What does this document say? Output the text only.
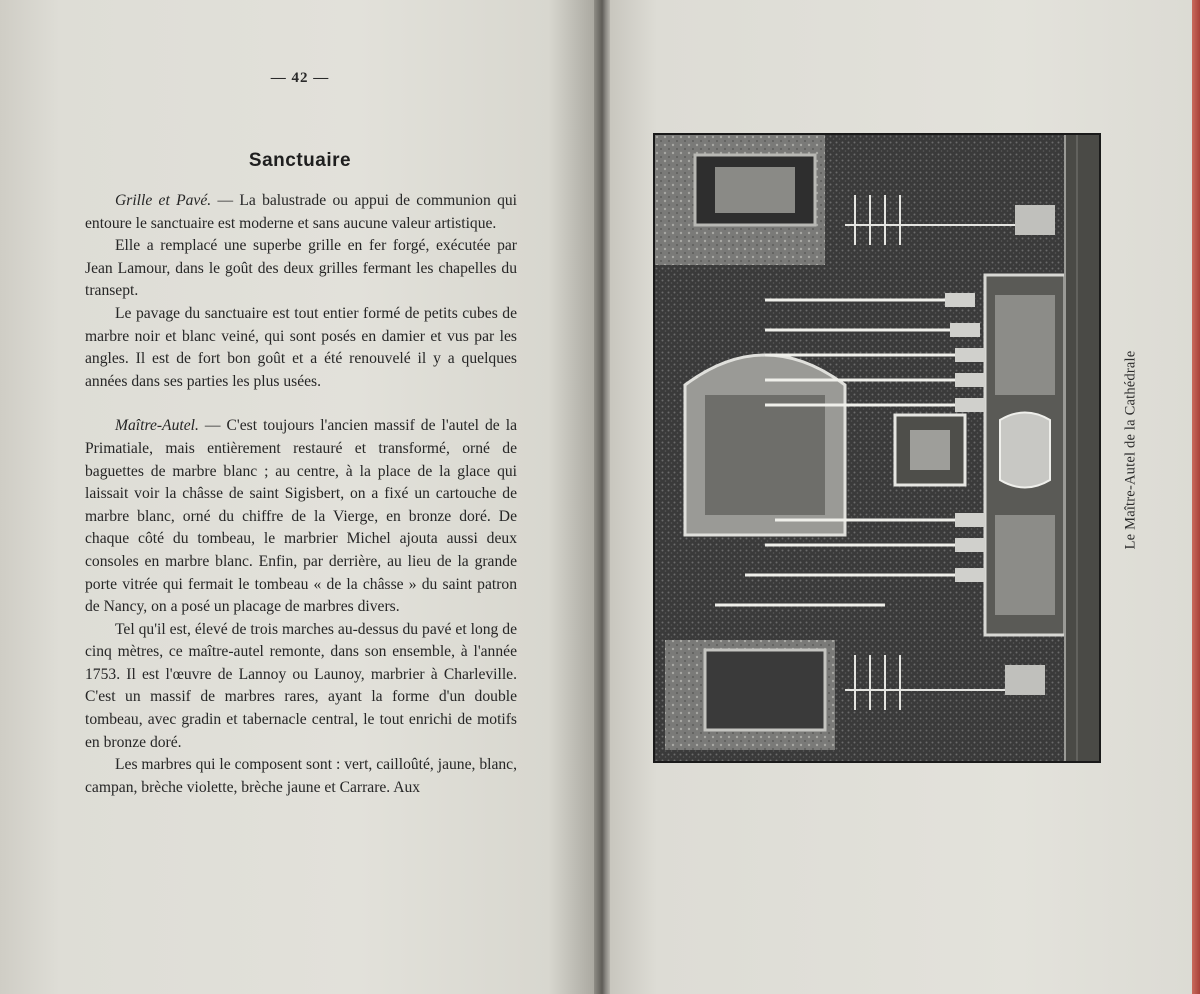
— 42 —
Sanctuaire

Grille et Pavé. — La balustrade ou appui de communion qui entoure le sanctuaire est moderne et sans aucune valeur artistique.

Elle a remplacé une superbe grille en fer forgé, exécutée par Jean Lamour, dans le goût des deux grilles fermant les chapelles du transept.

Le pavage du sanctuaire est tout entier formé de petits cubes de marbre noir et blanc veiné, qui sont posés en damier et vus par les angles. Il est de fort bon goût et a été renouvelé il y a quelques années dans ses parties les plus usées.

Maître-Autel. — C'est toujours l'ancien massif de l'autel de la Primatiale, mais entièrement restauré et transformé, orné de baguettes de marbre blanc ; au centre, à la place de la glace qui laissait voir la châsse de saint Sigisbert, on a fixé un cartouche de marbre blanc, orné du chiffre de la Vierge, en bronze doré. De chaque côté du tombeau, le marbrier Michel ajouta aussi deux consoles en marbre blanc. Enfin, par derrière, au lieu de la grande porte vitrée qui fermait le tombeau « de la châsse » du saint patron de Nancy, on a posé un placage de marbres divers.

Tel qu'il est, élevé de trois marches au-dessus du pavé et long de cinq mètres, ce maître-autel remonte, dans son ensemble, à l'année 1753. Il est l'œuvre de Lannoy ou Launoy, marbrier à Charleville. C'est un massif de marbres rares, ayant la forme d'un double tombeau, avec gradin et tabernacle central, le tout enrichi de motifs en bronze doré.

Les marbres qui le composent sont : vert, cailloûté, jaune, blanc, campan, brèche violette, brèche jaune et Carrare. Aux

Le Maître-Autel de la Cathédrale
